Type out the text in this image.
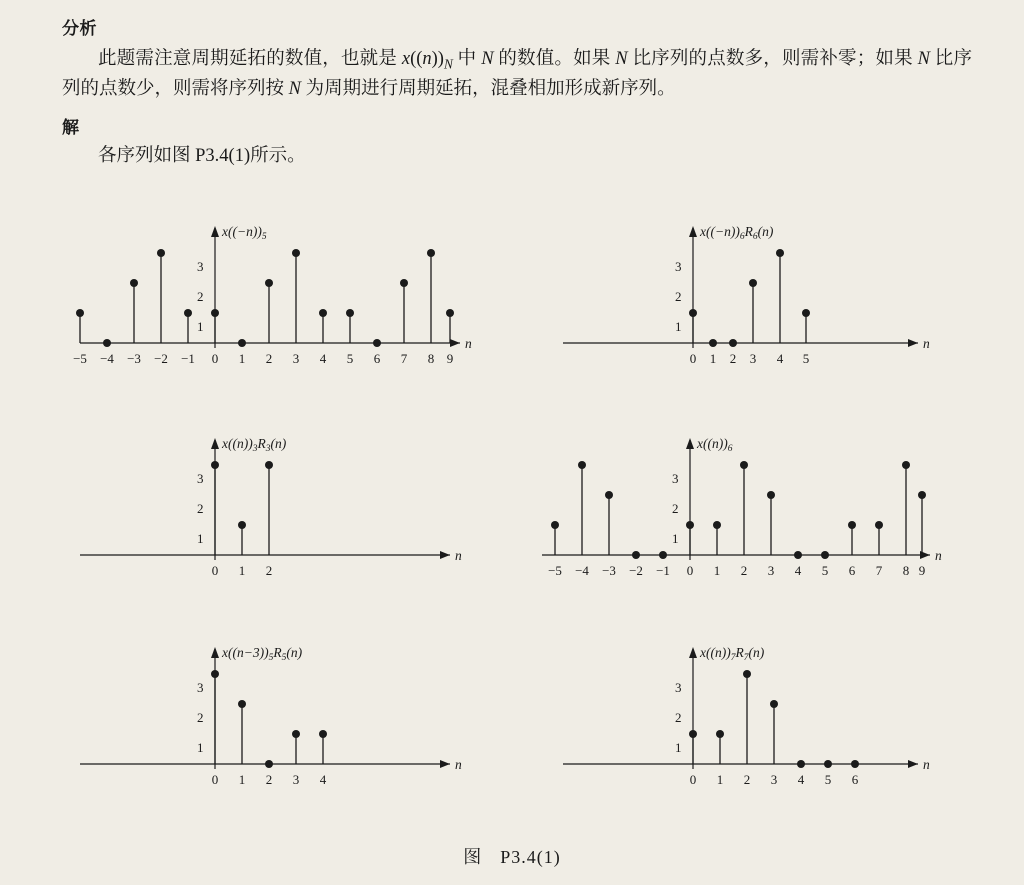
分析

此题需注意周期延拓的数值，也就是 $x((n))_N$ 中 N 的数值。如果 N 比序列的点数多，则需补零；如果 N 比序列的点数少，则需将序列按 N 为周期进行周期延拓，混叠相加形成新序列。

解

各序列如图 P3.4(1)所示。

$x((-n))_5$
n
1
2
3
−5 −4 −3 −2 −1 0 1 2 3 4 5 6 7 8 9
$x((-n))_6R_6(n)$
n
1
2
3
0 1 2 3 4 5
$x((n))_3R_3(n)$
n
1
2
3
0 1 2
$x((n))_6$
n
1
2
3
−5 −4 −3 −2 −1 0 1 2 3 4 5 6 7 8 9
$x((n-3))_5R_5(n)$
n
1
2
3
0 1 2 3 4
$x((n))_7R_7(n)$
n
1
2
3
0 1 2 3 4 5 6
图 P3.4(1)
